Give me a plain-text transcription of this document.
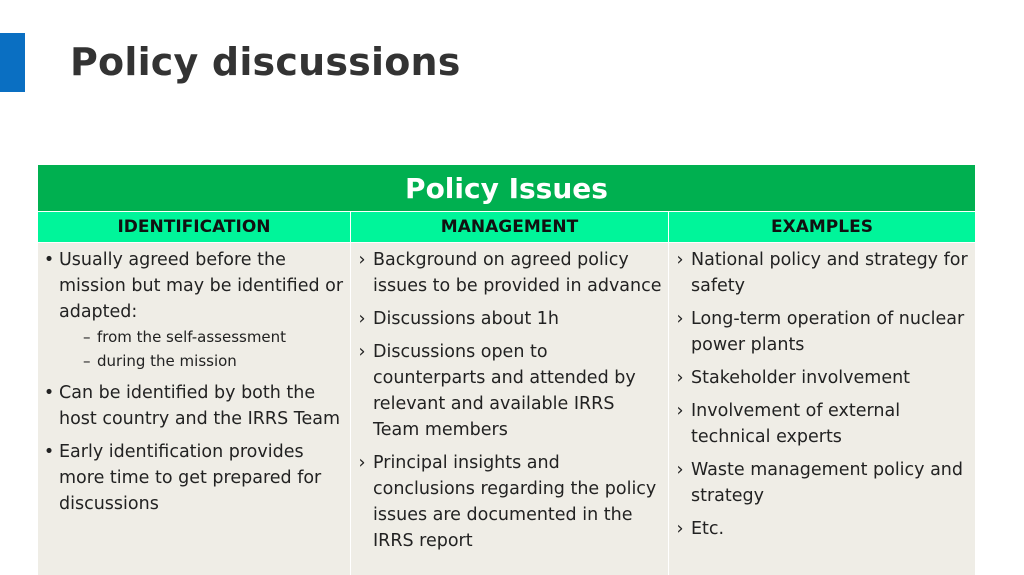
Policy discussions
Policy Issues
IDENTIFICATION	MANAGEMENT	EXAMPLES
• Usually agreed before the mission but may be identified or adapted:
– from the self-assessment
– during the mission
• Can be identified by both the host country and the IRRS Team
• Early identification provides more time to get prepared for discussions
› Background on agreed policy issues to be provided in advance
› Discussions about 1h
› Discussions open to counterparts and attended by relevant and available IRRS Team members
› Principal insights and conclusions regarding the policy issues are documented in the IRRS report
› National policy and strategy for safety
› Long-term operation of nuclear power plants
› Stakeholder involvement
› Involvement of external technical experts
› Waste management policy and strategy
› Etc.
